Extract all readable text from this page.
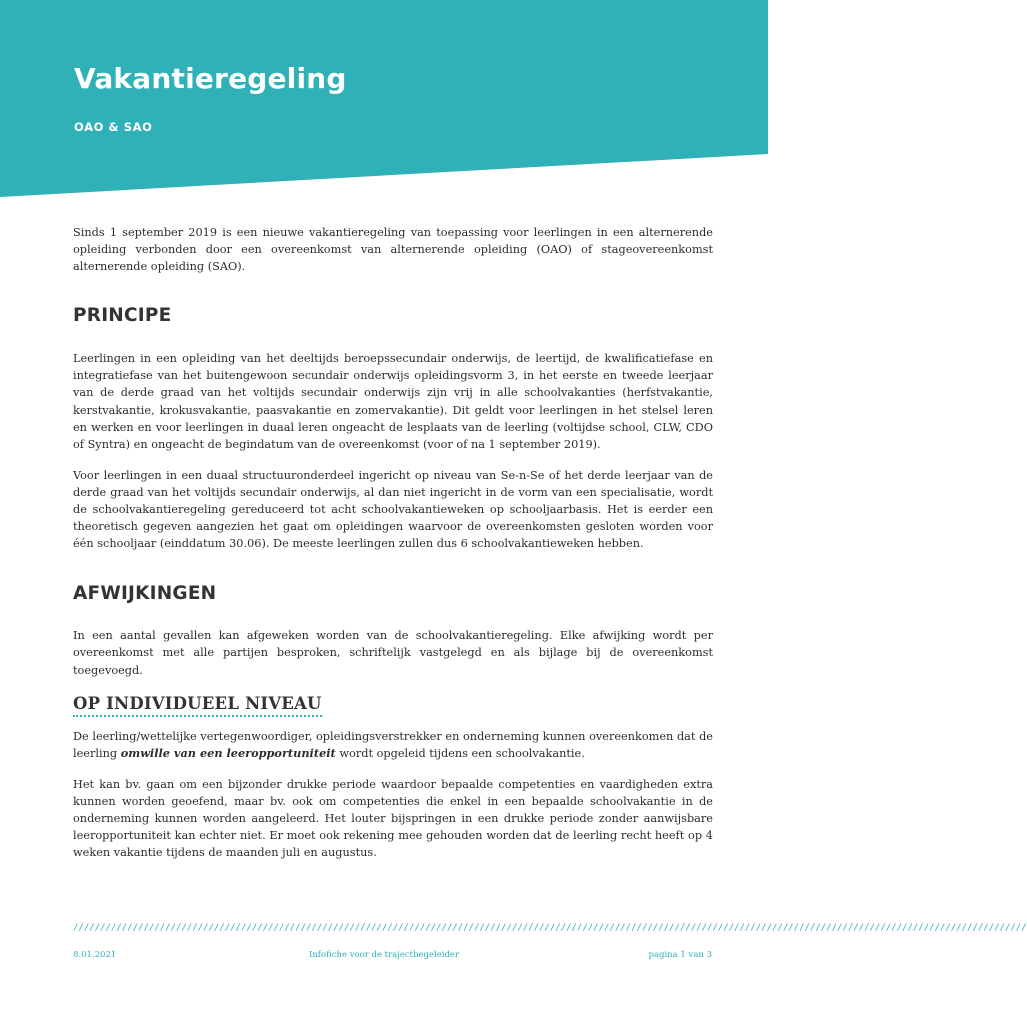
Vakantieregeling
OAO & SAO

Sinds 1 september 2019 is een nieuwe vakantieregeling van toepassing voor leerlingen in een alternerende opleiding verbonden door een overeenkomst van alternerende opleiding (OAO) of stageovereenkomst alternerende opleiding (SAO).

PRINCIPE

Leerlingen in een opleiding van het deeltijds beroepssecundair onderwijs, de leertijd, de kwalificatiefase en integratiefase van het buitengewoon secundair onderwijs opleidingsvorm 3, in het eerste en tweede leerjaar van de derde graad van het voltijds secundair onderwijs zijn vrij in alle schoolvakanties (herfstvakantie, kerstvakantie, krokusvakantie, paasvakantie en zomervakantie). Dit geldt voor leerlingen in het stelsel leren en werken en voor leerlingen in duaal leren ongeacht de lesplaats van de leerling (voltijdse school, CLW, CDO of Syntra) en ongeacht de begindatum van de overeenkomst (voor of na 1 september 2019).

Voor leerlingen in een duaal structuuronderdeel ingericht op niveau van Se-n-Se of het derde leerjaar van de derde graad van het voltijds secundair onderwijs, al dan niet ingericht in de vorm van een specialisatie, wordt de schoolvakantieregeling gereduceerd tot acht schoolvakantieweken op schooljaarbasis. Het is eerder een theoretisch gegeven aangezien het gaat om opleidingen waarvoor de overeenkomsten gesloten worden voor één schooljaar (einddatum 30.06). De meeste leerlingen zullen dus 6 schoolvakantieweken hebben.

AFWIJKINGEN

In een aantal gevallen kan afgeweken worden van de schoolvakantieregeling. Elke afwijking wordt per overeenkomst met alle partijen besproken, schriftelijk vastgelegd en als bijlage bij de overeenkomst toegevoegd.

OP INDIVIDUEEL NIVEAU

De leerling/wettelijke vertegenwoordiger, opleidingsverstrekker en onderneming kunnen overeenkomen dat de leerling omwille van een leeropportuniteit wordt opgeleid tijdens een schoolvakantie.

Het kan bv. gaan om een bijzonder drukke periode waardoor bepaalde competenties en vaardigheden extra kunnen worden geoefend, maar bv. ook om competenties die enkel in een bepaalde schoolvakantie in de onderneming kunnen worden aangeleerd. Het louter bijspringen in een drukke periode zonder aanwijsbare leeropportuniteit kan echter niet. Er moet ook rekening mee gehouden worden dat de leerling recht heeft op 4 weken vakantie tijdens de maanden juli en augustus.

////////////////////////////////////////////////////////////////////////////////////////////////////////////////////////////////////////////////////////////////////////////////
8.01.2021	Infofiche voor de trajectbegeleider	pagina 1 van 3
